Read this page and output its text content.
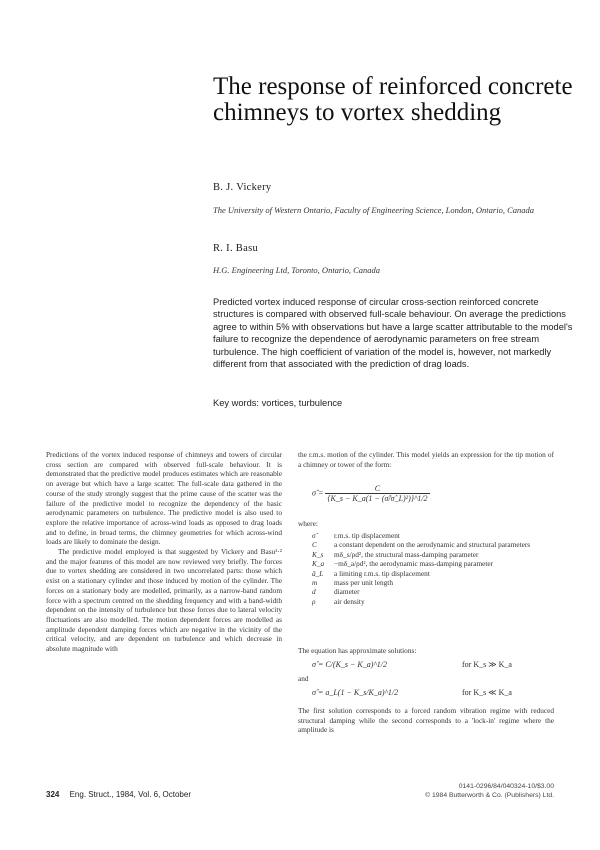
The response of reinforced concrete chimneys to vortex shedding
B. J. Vickery
The University of Western Ontario, Faculty of Engineering Science, London, Ontario, Canada
R. I. Basu
H.G. Engineering Ltd, Toronto, Ontario, Canada
Predicted vortex induced response of circular cross-section reinforced concrete structures is compared with observed full-scale behaviour. On average the predictions agree to within 5% with observations but have a large scatter attributable to the model's failure to recognize the dependence of aerodynamic parameters on free stream turbulence. The high coefficient of variation of the model is, however, not markedly different from that associated with the prediction of drag loads.
Key words: vortices, turbulence

Predictions of the vortex induced response of chimneys and towers of circular cross section are compared with observed full-scale behaviour. It is demonstrated that the predictive model produces estimates which are reasonable on average but which have a large scatter. The full-scale data gathered in the course of the study strongly suggest that the prime cause of the scatter was the failure of the predictive model to recognize the dependency of the basic aerodynamic parameters on turbulence. The predictive model is also used to explore the relative importance of across-wind loads as opposed to drag loads and to define, in broad terms, the chimney geometries for which across-wind loads are likely to dominate the design.

The predictive model employed is that suggested by Vickery and Basu¹·² and the major features of this model are now reviewed very briefly. The forces due to vortex shedding are considered in two uncorrelated parts: those which exist on a stationary cylinder and those induced by motion of the cylinder. The forces on a stationary body are modelled, primarily, as a narrow-band random force with a spectrum centred on the shedding frequency and with a band-width dependent on the intensity of turbulence but those forces due to lateral velocity fluctuations are also modelled. The motion dependent forces are modelled as amplitude dependent damping forces which are negative in the vicinity of the critical velocity, and are dependent on turbulence and which decrease in absolute magnitude with

the r.m.s. motion of the cylinder. This model yields an expression for the tip motion of a chimney or tower of the form:
σ̂ = $\frac{C}{\text{\{K\_s − K\_a(1 − (σ̂/σ̂\_L)²)\}\textasciicircum{}1/2}}$
where:
σ̂	r.m.s. tip displacement
C	a constant dependent on the aerodynamic and structural parameters
K_s	mδ_s/ρd², the structural mass-damping parameter
K_a	−mδ_a/ρd², the aerodynamic mass-damping parameter
â_L	a limiting r.m.s. tip displacement
m	mass per unit length
d	diameter
ρ	air density
The equation has approximate solutions:
σ̂ = C/(K_s − K_a)^1/2	for K_s ≫ K_a
and
σ̂ = a_L(1 − K_s/K_a)^1/2	for K_s ≪ K_a
The first solution corresponds to a forced random vibration regime with reduced structural damping while the second corresponds to a 'lock-in' regime where the amplitude is
324 Eng. Struct., 1984, Vol. 6, October
0141-0296/84/040324-10/$3.00
© 1984 Butterworth & Co. (Publishers) Ltd.
